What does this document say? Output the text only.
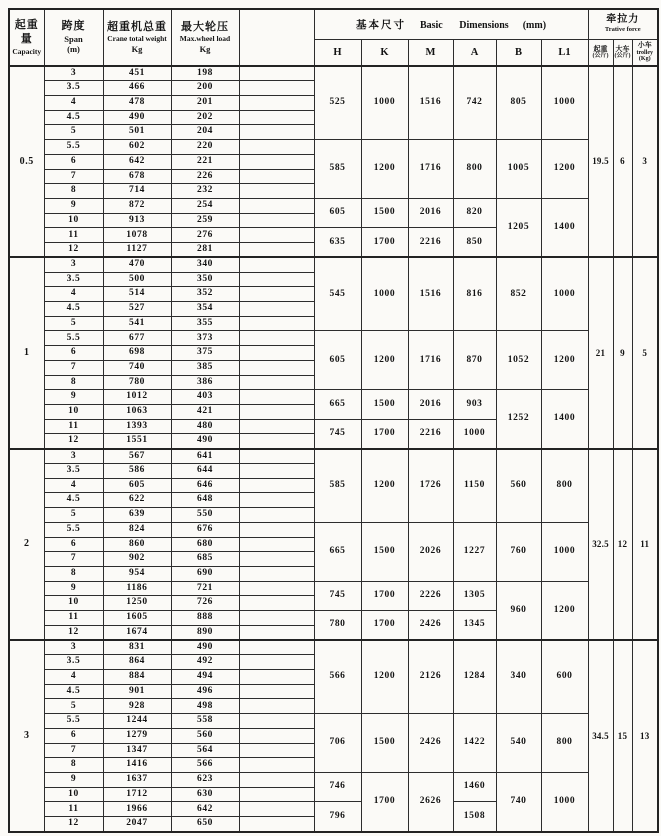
起重量
Capacity

跨度
Span
(m)

超重机总重
Crane total weight
Kg

最大轮压
Max.wheel load
Kg
		基本尺寸 Basic Dimensions (mm)	
牵拉力
Trative force

H	K	M	A	B	L1	起重
(公斤)

大车
(公斤)

小车
trolley
(Kg)

0.5	3	451	198		525	1000	1516	742	805	1000	19.5	6	3
	3.5	466	200										
	4	478	201										
	4.5	490	202										
	5	501	204										
	5.5	602	220		585	1200	1716	800	1005	1200			
	6	642	221										
	7	678	226										
	8	714	232										
	9	872	254		605	1500	2016	820	1205	1400			
	10	913	259										
	11	1078	276		635	1700	2216	850					
	12	1127	281										
1	3	470	340		545	1000	1516	816	852	1000	21	9	5
	3.5	500	350										
	4	514	352										
	4.5	527	354										
	5	541	355										
	5.5	677	373		605	1200	1716	870	1052	1200			
	6	698	375										
	7	740	385										
	8	780	386										
	9	1012	403		665	1500	2016	903	1252	1400			
	10	1063	421										
	11	1393	480		745	1700	2216	1000					
	12	1551	490										
2	3	567	641		585	1200	1726	1150	560	800	32.5	12	11
	3.5	586	644										
	4	605	646										
	4.5	622	648										
	5	639	550										
	5.5	824	676		665	1500	2026	1227	760	1000			
	6	860	680										
	7	902	685										
	8	954	690										
	9	1186	721		745	1700	2226	1305	960	1200			
	10	1250	726										
	11	1605	888		780	1700	2426	1345					
	12	1674	890										
3	3	831	490		566	1200	2126	1284	340	600	34.5	15	13
	3.5	864	492										
	4	884	494										
	4.5	901	496										
	5	928	498										
	5.5	1244	558		706	1500	2426	1422	540	800			
	6	1279	560										
	7	1347	564										
	8	1416	566										
	9	1637	623		746	1700	2626	1460	740	1000			
	10	1712	630										
	11	1966	642		796			1508					
	12	2047	650										
